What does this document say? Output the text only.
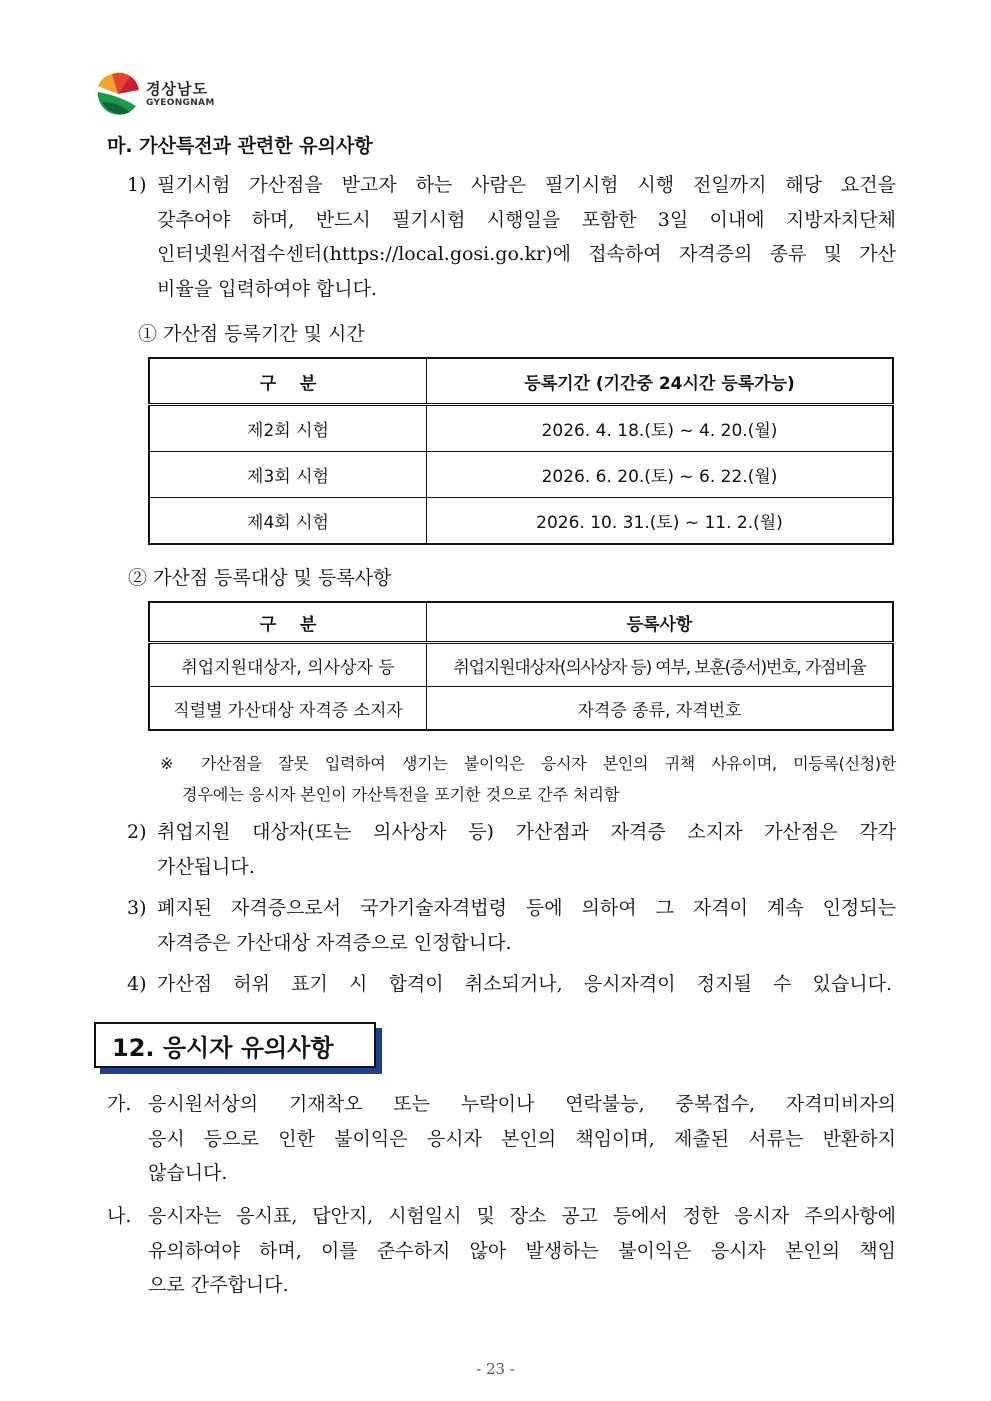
경상남도
GYEONGNAM
마. 가산특전과 관련한 유의사항
1) 필기시험 가산점을 받고자 하는 사람은 필기시험 시행 전일까지 해당 요건을
갖추어야 하며, 반드시 필기시험 시행일을 포함한 3일 이내에 지방자치단체
인터넷원서접수센터(https://local.gosi.go.kr)에 접속하여 자격증의 종류 및 가산
비율을 입력하여야 합니다.
① 가산점 등록기간 및 시간
구    분	등록기간 (기간중 24시간 등록가능)
제2회 시험	2026. 4. 18.(토) ~ 4. 20.(월)
제3회 시험	2026. 6. 20.(토) ~ 6. 22.(월)
제4회 시험	2026. 10. 31.(토) ~ 11. 2.(월)
② 가산점 등록대상 및 등록사항
구    분	등록사항
취업지원대상자, 의사상자 등	취업지원대상자(의사상자 등) 여부, 보훈(증서)번호, 가점비율
직렬별 가산대상 자격증 소지자	자격증 종류, 자격번호
※ 가산점을 잘못 입력하여 생기는 불이익은 응시자 본인의 귀책 사유이며, 미등록(신청)한
경우에는 응시자 본인이 가산특전을 포기한 것으로 간주 처리함
2) 취업지원 대상자(또는 의사상자 등) 가산점과 자격증 소지자 가산점은 각각
가산됩니다.
3) 폐지된 자격증으로서 국가기술자격법령 등에 의하여 그 자격이 계속 인정되는
자격증은 가산대상 자격증으로 인정합니다.
4) 가산점 허위 표기 시 합격이 취소되거나, 응시자격이 정지될 수 있습니다.
12. 응시자 유의사항
가. 응시원서상의 기재착오 또는 누락이나 연락불능, 중복접수, 자격미비자의
응시 등으로 인한 불이익은 응시자 본인의 책임이며, 제출된 서류는 반환하지
않습니다.
나. 응시자는 응시표, 답안지, 시험일시 및 장소 공고 등에서 정한 응시자 주의사항에
유의하여야 하며, 이를 준수하지 않아 발생하는 불이익은 응시자 본인의 책임
으로 간주합니다.
- 23 -
